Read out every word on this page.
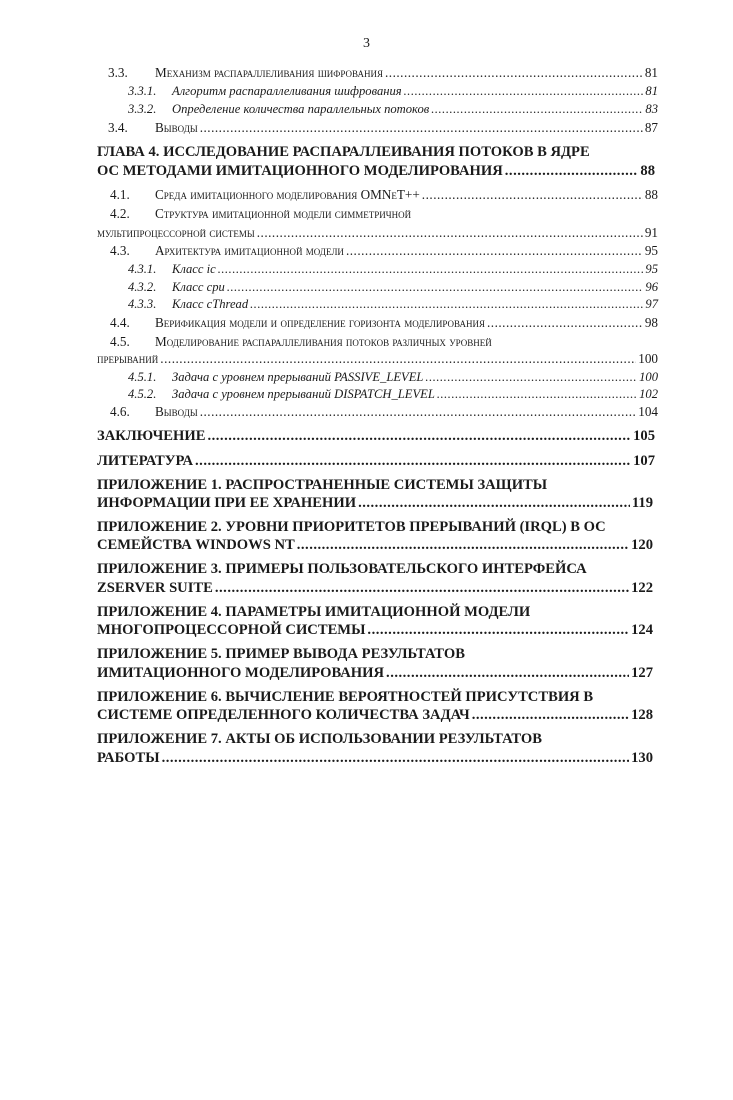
3
3.3. Механизм распараллеливания шифрования .....	81
3.3.1. Алгоритм распараллеливания шифрования .....	81
3.3.2. Определение количества параллельных потоков .....	83
3.4. Выводы .....	87
ГЛАВА 4. ИССЛЕДОВАНИЕ РАСПАРАЛЛЕИВАНИЯ ПОТОКОВ В ЯДРЕ
ОС МЕТОДАМИ ИМИТАЦИОННОГО МОДЕЛИРОВАНИЯ .....	88
4.1. Среда имитационного моделирования OMNeT++ .....	88
4.2. Структура имитационной модели симметричной
мультипроцессорной системы .....	91
4.3. Архитектура имитационной модели .....	95
4.3.1. Класс ic .....	95
4.3.2. Класс cpu .....	96
4.3.3. Класс cThread .....	97
4.4. Верификация модели и определение горизонта моделирования .....	98
4.5. Моделирование распараллеливания потоков различных уровней
прерываний .....	100
4.5.1. Задача с уровнем прерываний PASSIVE_LEVEL .....	100
4.5.2. Задача с уровнем прерываний DISPATCH_LEVEL .....	102
4.6. Выводы .....	104
ЗАКЛЮЧЕНИЕ .....	105
ЛИТЕРАТУРА .....	107
ПРИЛОЖЕНИЕ 1. РАСПРОСТРАНЕННЫЕ СИСТЕМЫ ЗАЩИТЫ
ИНФОРМАЦИИ ПРИ ЕЕ ХРАНЕНИИ .....	119
ПРИЛОЖЕНИЕ 2. УРОВНИ ПРИОРИТЕТОВ ПРЕРЫВАНИЙ (IRQL) В ОС
СЕМЕЙСТВА WINDOWS NT .....	120
ПРИЛОЖЕНИЕ 3. ПРИМЕРЫ ПОЛЬЗОВАТЕЛЬСКОГО ИНТЕРФЕЙСА
ZSERVER SUITE .....	122
ПРИЛОЖЕНИЕ 4. ПАРАМЕТРЫ ИМИТАЦИОННОЙ МОДЕЛИ
МНОГОПРОЦЕССОРНОЙ СИСТЕМЫ .....	124
ПРИЛОЖЕНИЕ 5. ПРИМЕР ВЫВОДА РЕЗУЛЬТАТОВ
ИМИТАЦИОННОГО МОДЕЛИРОВАНИЯ .....	127
ПРИЛОЖЕНИЕ 6. ВЫЧИСЛЕНИЕ ВЕРОЯТНОСТЕЙ ПРИСУТСТВИЯ В
СИСТЕМЕ ОПРЕДЕЛЕННОГО КОЛИЧЕСТВА ЗАДАЧ .....	128
ПРИЛОЖЕНИЕ 7. АКТЫ ОБ ИСПОЛЬЗОВАНИИ РЕЗУЛЬТАТОВ
РАБОТЫ .....	130
